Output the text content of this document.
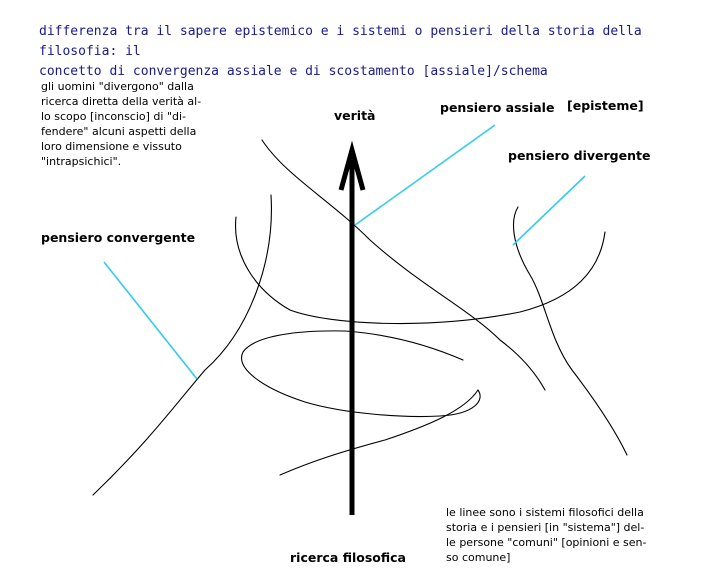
differenza tra il sapere epistemico e i sistemi o pensieri della storia della filosofia: il
concetto di convergenza assiale e di scostamento [assiale]/schema
gli uomini "divergono" dalla
ricerca diretta della verità al-
lo scopo [inconscio] di "di-
fendere" alcuni aspetti della
loro dimensione e vissuto
"intrapsichici".
verità
pensiero assiale [episteme]
pensiero divergente
pensiero convergente
ricerca filosofica
le linee sono i sistemi filosofici della
storia e i pensieri [in "sistema"] del-
le persone "comuni" [opinioni e sen-
so comune]
